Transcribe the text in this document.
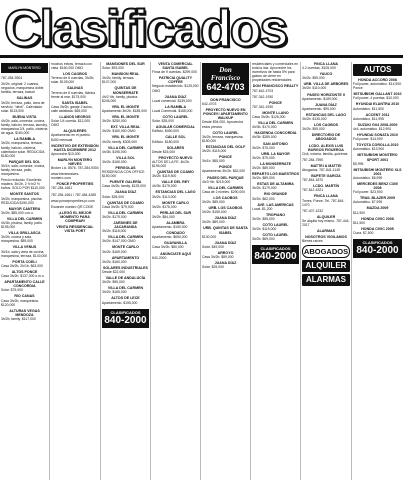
Clasificados
MARLYN MONTERO
787-284-9304
3h/2b, original: 2 cuartos, negocios, marquesina doble, familia, terraza, balcón
SALINAS
3h/2b, terraza, patio, área de servicio, "deck". Calentador solar. $115,000
BUENA VISTA
4h/2b, sala, comedor, cocina, family, balcón, terraza, laundry, marquesina 2/4, patio, cisterna de agua. $160,000
LA RAMBLA
3h/2b, marquesina, terraza, family, balcón, cisterna, calentador solar. REDUCIDA $180,000
PARQUE DEL SOL
3h/1b, sala, comedor, cocina, family, terraza, patio, marquesina
Precio reducido. Excelente, madera. 3h/2b, 2 ½ b/2 ½ baños. SOLO POR $110,000
MONTE SANTOS
3h/2b, marquesina, piscina. REDUCIDA $190,000
MAYOR CANTERA
3h/2b, $85,000 o.m.o.
VILLA DEL CARMEN
4h/3b, piscina, family, patio. $195,000
VILLA GRILLASCA
3h/2b, cocina y sala, marquesina. $89,000
VILLA VENUS
3h/1b, sala y área de cocina, marquesina, terraza. $140,000
PORTA COELI
Casa 3h/2b, 2h/1b. $63,000
ALTOS PONCE
Casa 3h/2b. $137,000 o.m.o.
APARTAMENTO CALLE CONCORDIA
Solar. $75,000
RIO CANAS
Casa 3h/2b, marquesina. $120,000
ALTURAS VEGAS MENDOZA
3h/2b, family. $117,000
muchos extras, terraza con vista. $160,000 OMO
LOS CAOBOS
Terreno de 6 cuerdas, 3h/2b, solar. $105,000
SALINAS
Terreno de 6 cuerdas, fábrica frente al mar. $175,000
SANTA ISABEL
Casa 3h/2b, garaje 2 autos, calle asfaltada. $65,000
LLANOS NEGROS
Solar 1/4 cuerda. $12,000 OMO
ALQUILERES
Apartamento en el pueblo. $400 mensual
INCENTIVO DE EXTENSIÓN HASTA DICIEMBRE 2012
Aproveche $10,000
MARLYN MONTERO NIEVES
Broker Lic. 8576. 787-284-9304
www.bienesraices-montero.com
PONCE PROPERTIES
787-284-1661
787-284-1661 / 787-484-4285
www.ponceproperties.pr.com
Escanee nuestro QR CODE
¡LLEGÓ EL MEJOR MOMENTO PARA COMPRAR!
VENTA RESIDENCIAL VISTA PORT
MANSIONES DEL SUR
Solar. $93,000
MANSION REAL
3h/2b, family, terraza. $107,000
QUINTAS DE MONSERRATE
4h/2 ½b, family, piscina. $245,000
VRIL EL MONTE
Apartamento 3h/2b. $185,000
VRIL EL MONTE
3h/2b. $250,000
EXT. VILLA REAL
3h/2b. $160,000 OMO
VRIL EL MONTE
4h/2b, family. $305,000
VILLA DEL CARMEN
4h/3b. $196,000
VILLA SOL
3h/2b. $165,000
PERGOLAS
RESIDENCIA CON OFFICE. $150,000
PUENTE GALERÍA
Casa 4h/2b, family. $125,000
JUANA DÍAZ
Solar. $28,000
QUINTAS DE COAMO
Casa 3h/2b. $79,000
VILLA DEL CARMEN
3h/2b. $175,000
JARDINES DE JACARANDA
3h/2b. $118,000
VILLA DEL CARMEN
3h/2b. $147,000 OMO
MONTE CARLO
3h/2b. $169,000
APARTAMENTO
3h/2b, $160,000
SOLARES INDUSTRIALES
Desde $22,000
VALLE DE ANDALUCÍA
3h/2b. $95,000
VILLA DEL CARMEN
3h/2b. $165,000
ALTOS DE LECE
Apartamento. $155,000
CLASIFICADOS
840-2000
VENTA COMERCIAL SANTA ISABEL
Finca de 9 cuerdas. $299,000
PATRICIA QUALITY COFFEE
Negocio establecido. $125,000 OMO
JUANA DÍAZ
Local comercial. $139,000
LA RAMBLA
Local Comercial. $165,000
COTO LAUREL
Solar. $35,000
AGUILAR COMERCIAL
Edificio. $450,000
CALLE SOL
Edificio. $180,000
SOLARES
Desde $15,000
PROYECTO NUEVO
ALTOS DE LA FE. 4h/2b. $195,000
QUINTAS DE COAMO
3h/2b. $119,500
VALLE DEL REY
4h/3b. $175,000
ESTANCIAS DEL LAGO
3h/2b. $113,000
MONTE CARLO
3h/2b. $176,000
PERLAS DEL SUR
3h/2b. $84,000
ALAMBRA
Apartamento. $150,000
CONDADO
Apartamento. $650,000
GUAYANILLA
Casa 3h/2b. $80,000
ANÚNCIATE AQUÍ
840-2000
Don Francisco
642-4703
DON FRANCISCO
642-4703
PROYECTO NUEVO EN PONCE!!! APARTAMENTO WALKUP
Desde $94,000. Aprovecha estos precios
COTO LAUREL
3h/2b, terraza, marquesina. $150,000
ESTANCIAS DEL GOLF
3h/2b. $115,000
PONCE
3h/1b. $85,000
PONCE
Apartamento 3h/2b. $62,000
PASEO DEL PARQUE
4h/3 ½b. $215,000
VILLA DEL CARMEN
Casa de 2 niveles. $290,000
LOS CAOBOS
3h/2b. $89,000
URB. LOS CAOBOS
3h/2b. $155,000
JUANA DÍAZ
3h/2b. $89,000
URB. QUINTAS DE SANTA ISABEL
$130,000
JUANA DÍAZ
Solar. $49,000
ARROYO
Casa 3h/2b. $89,000
JUANA DÍAZ
Solar. $25,000
residenciales y comerciales en toda la isla. Aproveche los incentivos de hasta 5% para gastos de cierre en propiedades residenciales
DON FRANCISCO REALTY
787-642-4703
787-342-1930
PONCE
787-342-1930
MONTE LLANO
Casa 3h/2b. $125,000
VILLA DEL CARMEN
4h/3b. $170,000
HACIENDA CONCORDIA
4h/3b. $289,000
SAN ANTONIO
3h/2b. $75,000
URB. LA MAYOR
3h/2b. $79,000
LA MONSERRATE
3h/2b. $89,000
REPARTO LOS MAESTROS
3h/2b. $89,000
ESTAS DE ALTAMIRA
3h/2b. $179,000
RIO GRANDE
3h/2b. $62,000
AVE. LAS AMERICAS
Local. $1,200
TROPIANO
3h/2b. $55,000
COTO LAUREL
3h/2b. $115,000
COTO LAUREL
3h/2b. $69,000
CLASIFICADOS
840-2000
FINCA LLANA
4.2 cuerdas. $105,000
YAUCO
3h/2b. $95,000
URB. VILLA DE ARBORES
3h/2b. $110,000
PASEO HORIZONTE II
Apartamento. $189,000
JUANA DÍAZ
Apartamento. $99,000
ESTANCIAS DEL LAGO
3h/2b. $135,000
LOS CAOBOS
3h/2b. $95,000
DIRECTORIO DE ABOGADOS
LCDO. ALEXIS LUIS BURGOS FIGUEROA
Civil, notaría, familia, quiebras
787-284-7590
MATTEI & MATTEI
Abogados. 787-841-1145
BUFETE GARCÍA
787-844-1870
LCDO. MARTÍN
787-812-4321
FINCA LLANA
Torres, Ponce. Tel. 787-844-1470
787-407-4232
ALQUILER
Se alquila hoy mismo. 787-444-2017
ALARMAS
NOSOTROS VIGILAMOS
Bienes raíces
ABOGADOS
ALQUILER
ALARMAS
AUTOS
HONDA ACCORD 2008
Full power, automático. $14,900. Ponce
MITSUBISHI GALLANT 2010
Full power, 4 puertas. $10,000
HYUNDAI ELANTRA 2010
Automático. $11,500
ACCENT 2011
Automático. $11,995
SUZUKI GX4 2008-2009
4x4, automático. $12,900
HYUNDAI SONATA 2010
Full power. $14,900
TOYOTA COROLLA 2010
Automático. $13,900
MITSUBISHI MONTERO SPORT 2001
$5,995
MITSUBISHI MONTERO XLS 2001
Automático. $6,995
MERCEDES BENZ C300 2008
Full power. $23,900
TRAIL BLAZER 2005
Automático. $7,995
MAZDA 2009
$11,500
HONDA CIVIC 2008
$11,500
HONDA CIVIC 2005
Cuna. $7,500
CLASIFICADOS
840-2000
